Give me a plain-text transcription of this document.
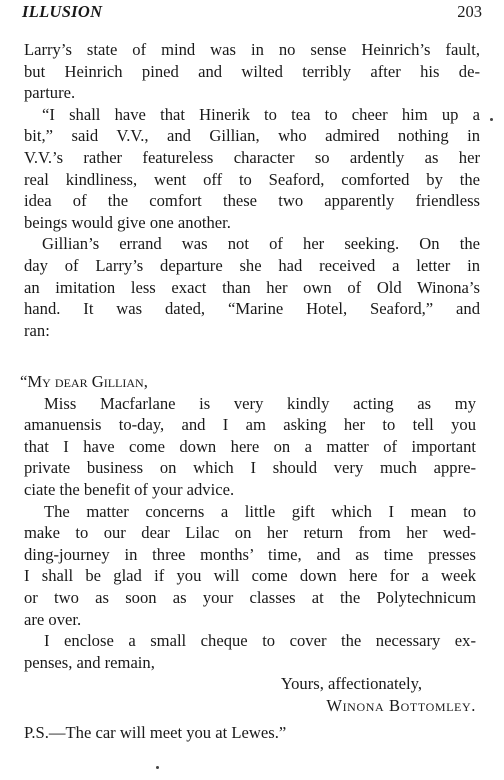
ILLUSION	203
Larry’s state of mind was in no sense Heinrich’s fault,
but Heinrich pined and wilted terribly after his de-
parture.
“I shall have that Hinerik to tea to cheer him up a
bit,” said V.V., and Gillian, who admired nothing in
V.V.’s rather featureless character so ardently as her
real kindliness, went off to Seaford, comforted by the
idea of the comfort these two apparently friendless
beings would give one another.
Gillian’s errand was not of her seeking. On the
day of Larry’s departure she had received a letter in
an imitation less exact than her own of Old Winona’s
hand. It was dated, “Marine Hotel, Seaford,” and
ran:
“My dear Gillian,
Miss Macfarlane is very kindly acting as my
amanuensis to-day, and I am asking her to tell you
that I have come down here on a matter of important
private business on which I should very much appre-
ciate the benefit of your advice.
The matter concerns a little gift which I mean to
make to our dear Lilac on her return from her wed-
ding-journey in three months’ time, and as time presses
I shall be glad if you will come down here for a week
or two as soon as your classes at the Polytechnicum
are over.
I enclose a small cheque to cover the necessary ex-
penses, and remain,
Yours, affectionately,
Winona Bottomley.
P.S.—The car will meet you at Lewes.”
